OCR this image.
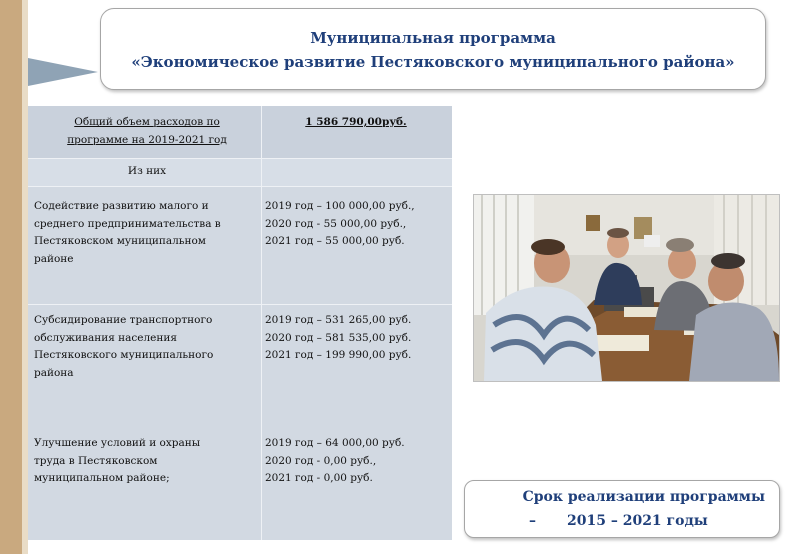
Муниципальная программа
«Экономическое развитие Пестяковского муниципального района»
Общий объем расходов по
программе на 2019-2021 год
1 586 790,00руб.
Из них
Содействие развитию малого и
среднего предпринимательства в
Пестяковском муниципальном
районе
2019 год – 100 000,00 руб.,
2020 год - 55 000,00 руб.,
2021 год – 55 000,00 руб.
Субсидирование транспортного
обслуживания населения
Пестяковского муниципального
района
2019 год – 531 265,00 руб.
2020 год – 581 535,00 руб.
2021 год – 199 990,00 руб.
Улучшение условий и охраны
труда в Пестяковском
муниципальном районе;
2019 год – 64 000,00 руб.
2020 год - 0,00 руб.,
2021 год - 0,00 руб.
Срок реализации программы
– 2015 – 2021 годы
